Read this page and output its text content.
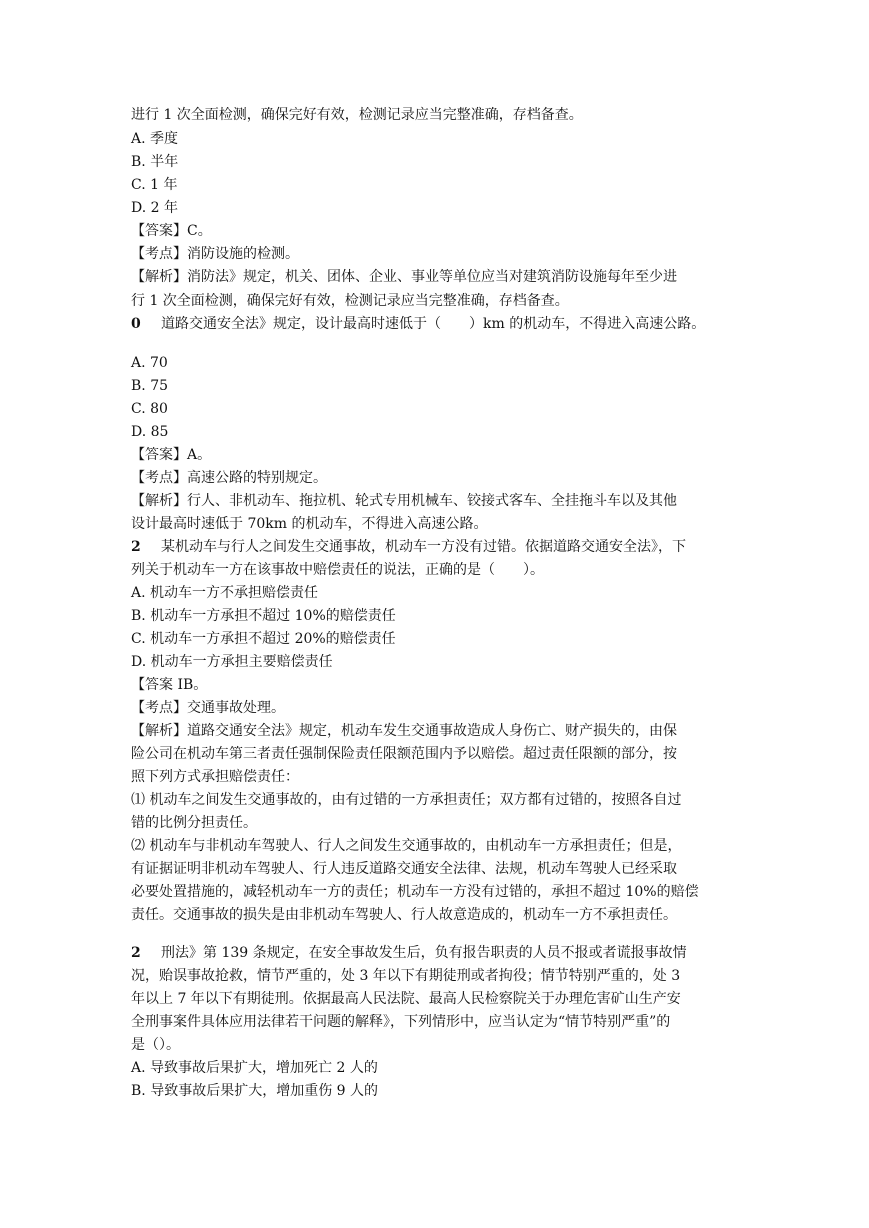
进行 1 次全面检测，确保完好有效，检测记录应当完整准确，存档备查。
A. 季度
B. 半年
C. 1 年
D. 2 年
【答案】C。
【考点】消防设施的检测。
【解析】消防法》规定，机关、团体、企业、事业等单位应当对建筑消防设施每年至少进
行 1 次全面检测，确保完好有效，检测记录应当完整准确，存档备查。
0 道路交通安全法》规定，设计最高时速低于（　　）km 的机动车，不得进入高速公路。
A. 70
B. 75
C. 80
D. 85
【答案】A。
【考点】高速公路的特别规定。
【解析】行人、非机动车、拖拉机、轮式专用机械车、铰接式客车、全挂拖斗车以及其他
设计最高时速低于 70km 的机动车，不得进入高速公路。
2 某机动车与行人之间发生交通事故，机动车一方没有过错。依据道路交通安全法》，下
列关于机动车一方在该事故中赔偿责任的说法，正确的是（　　）。
A. 机动车一方不承担赔偿责任
B. 机动车一方承担不超过 10%的赔偿责任
C. 机动车一方承担不超过 20%的赔偿责任
D. 机动车一方承担主要赔偿责任
【答案 IB。
【考点】交通事故处理。
【解析】道路交通安全法》规定，机动车发生交通事故造成人身伤亡、财产损失的，由保
险公司在机动车第三者责任强制保险责任限额范围内予以赔偿。超过责任限额的部分，按
照下列方式承担赔偿责任：
⑴ 机动车之间发生交通事故的，由有过错的一方承担责任；双方都有过错的，按照各自过
错的比例分担责任。
⑵ 机动车与非机动车驾驶人、行人之间发生交通事故的，由机动车一方承担责任；但是，
有证据证明非机动车驾驶人、行人违反道路交通安全法律、法规，机动车驾驶人已经采取
必要处置措施的，减轻机动车一方的责任；机动车一方没有过错的，承担不超过 10%的赔偿
责任。交通事故的损失是由非机动车驾驶人、行人故意造成的，机动车一方不承担责任。
2 刑法》第 139 条规定，在安全事故发生后，负有报告职责的人员不报或者谎报事故情
况，贻误事故抢救，情节严重的，处 3 年以下有期徒刑或者拘役；情节特别严重的，处 3
年以上 7 年以下有期徒刑。依据最高人民法院、最高人民检察院关于办理危害矿山生产安
全刑事案件具体应用法律若干问题的解释》，下列情形中，应当认定为“情节特别严重”的
是（）。
A. 导致事故后果扩大，增加死亡 2 人的
B. 导致事故后果扩大，增加重伤 9 人的
